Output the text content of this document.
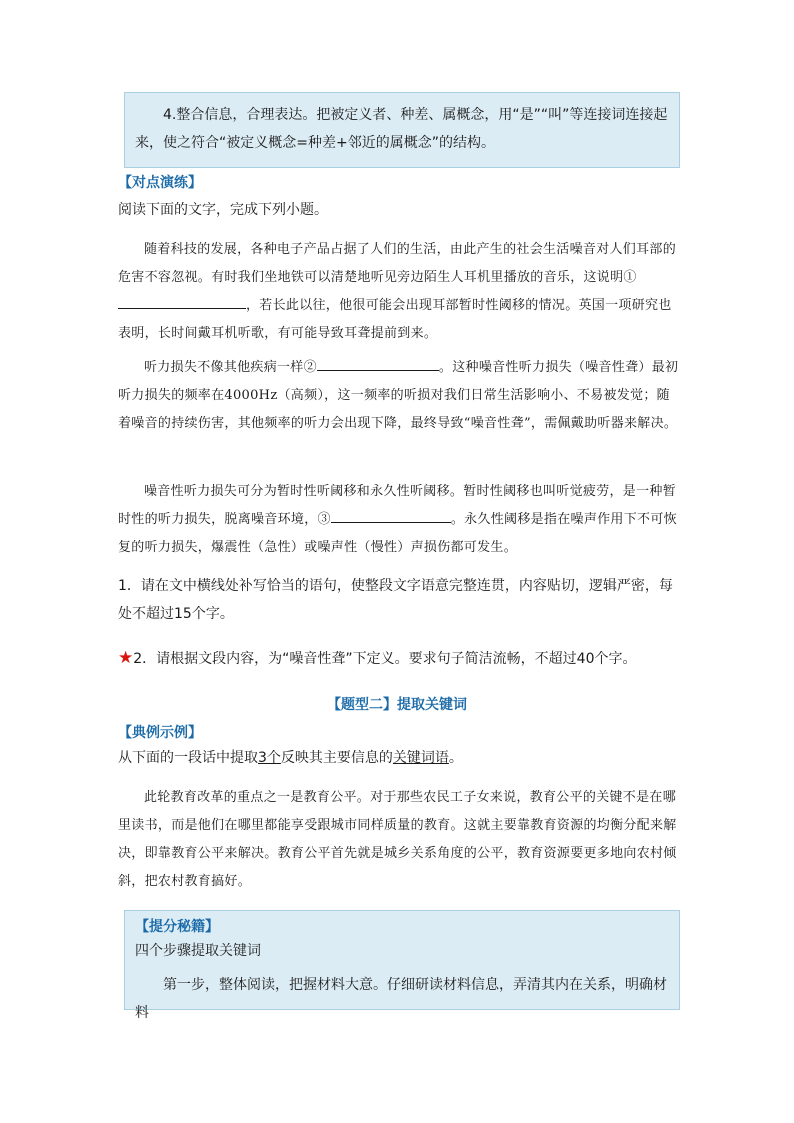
4.整合信息，合理表达。把被定义者、种差、属概念，用“是”“叫”等连接词连接起来，使之符合“被定义概念=种差+邻近的属概念”的结构。

【对点演练】

阅读下面的文字，完成下列小题。

随着科技的发展，各种电子产品占据了人们的生活，由此产生的社会生活噪音对人们耳部的危害不容忽视。有时我们坐地铁可以清楚地听见旁边陌生人耳机里播放的音乐，这说明①，若长此以往，他很可能会出现耳部暂时性阈移的情况。英国一项研究也表明，长时间戴耳机听歌，有可能导致耳聋提前到来。

听力损失不像其他疾病一样②	。这种噪音性听力损失（噪音性聋）最初听力损失的频率在4000Hz（高频），这一频率的听损对我们日常生活影响小、不易被发觉；随着噪音的持续伤害，其他频率的听力会出现下降，最终导致“噪音性聋”，需佩戴助听器来解决。

噪音性听力损失可分为暂时性听阈移和永久性听阈移。暂时性阈移也叫听觉疲劳，是一种暂时性的听力损失，脱离噪音环境，③	。永久性阈移是指在噪声作用下不可恢复的听力损失，爆震性（急性）或噪声性（慢性）声损伤都可发生。

1．请在文中横线处补写恰当的语句，使整段文字语意完整连贯，内容贴切，逻辑严密，每处不超过15个字。

★2．请根据文段内容，为“噪音性聋”下定义。要求句子简洁流畅，不超过40个字。

【题型二】提取关键词
【典例示例】

从下面的一段话中提取3个反映其主要信息的关键词语。

此轮教育改革的重点之一是教育公平。对于那些农民工子女来说，教育公平的关键不是在哪里读书，而是他们在哪里都能享受跟城市同样质量的教育。这就主要靠教育资源的均衡分配来解决，即靠教育公平来解决。教育公平首先就是城乡关系角度的公平，教育资源要更多地向农村倾斜，把农村教育搞好。

【提分秘籍】

四个步骤提取关键词

第一步，整体阅读，把握材料大意。仔细研读材料信息，弄清其内在关系，明确材料
